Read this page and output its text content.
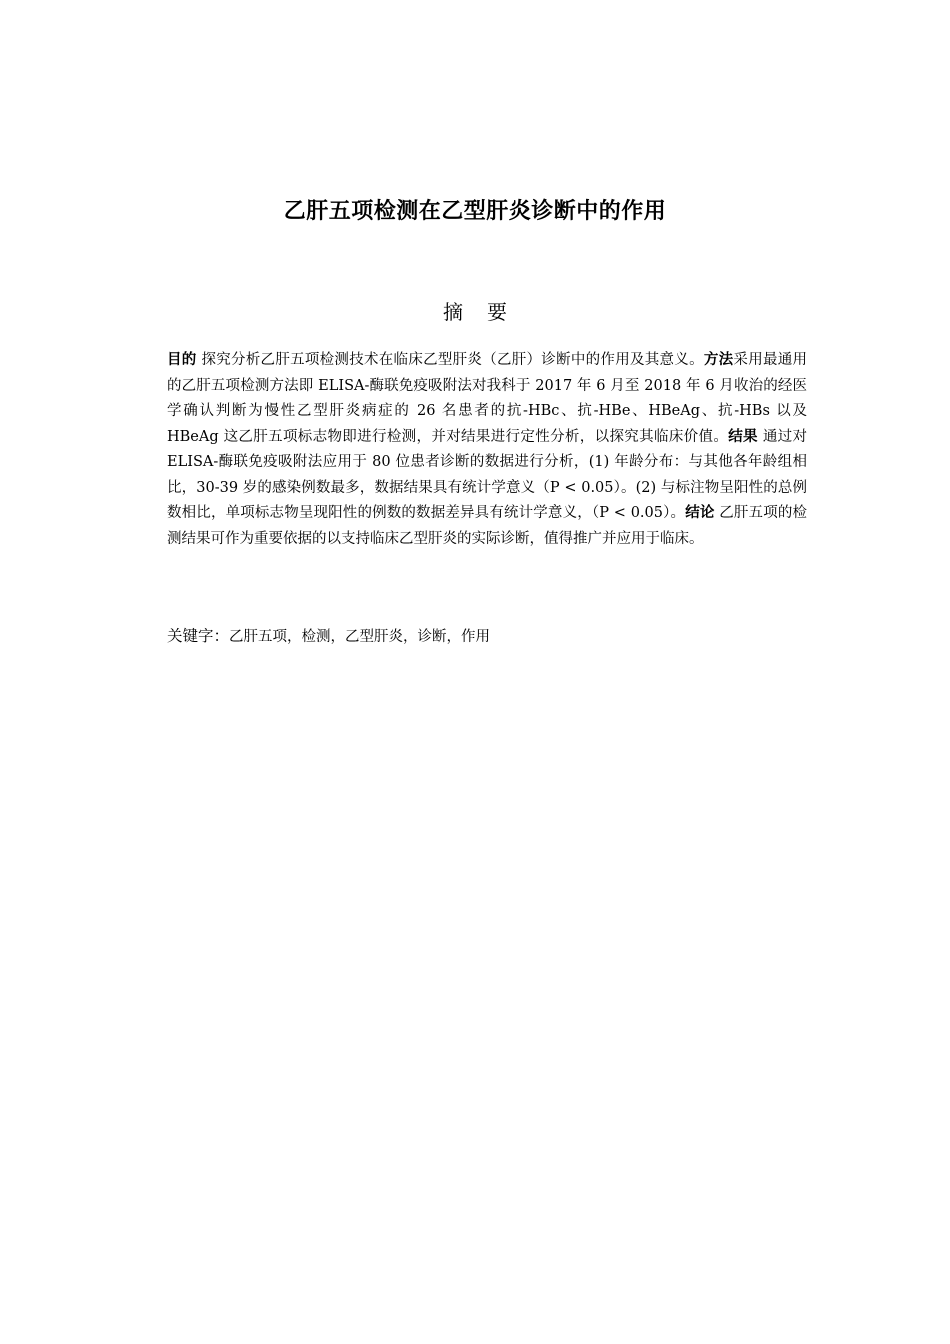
乙肝五项检测在乙型肝炎诊断中的作用
摘 要
目的 探究分析乙肝五项检测技术在临床乙型肝炎（乙肝）诊断中的作用及其意义。方法采用最通用的乙肝五项检测方法即 ELISA-酶联免疫吸附法对我科于 2017 年 6 月至 2018 年 6 月收治的经医学确认判断为慢性乙型肝炎病症的 26 名患者的抗-HBc、抗-HBe、HBeAg、抗-HBs 以及 HBeAg 这乙肝五项标志物即进行检测，并对结果进行定性分析，以探究其临床价值。结果 通过对 ELISA-酶联免疫吸附法应用于 80 位患者诊断的数据进行分析，(1) 年龄分布：与其他各年龄组相比，30-39 岁的感染例数最多，数据结果具有统计学意义（P < 0.05）。(2) 与标注物呈阳性的总例数相比，单项标志物呈现阳性的例数的数据差异具有统计学意义，（P < 0.05）。结论 乙肝五项的检测结果可作为重要依据的以支持临床乙型肝炎的实际诊断，值得推广并应用于临床。
关键字：乙肝五项，检测，乙型肝炎，诊断，作用
